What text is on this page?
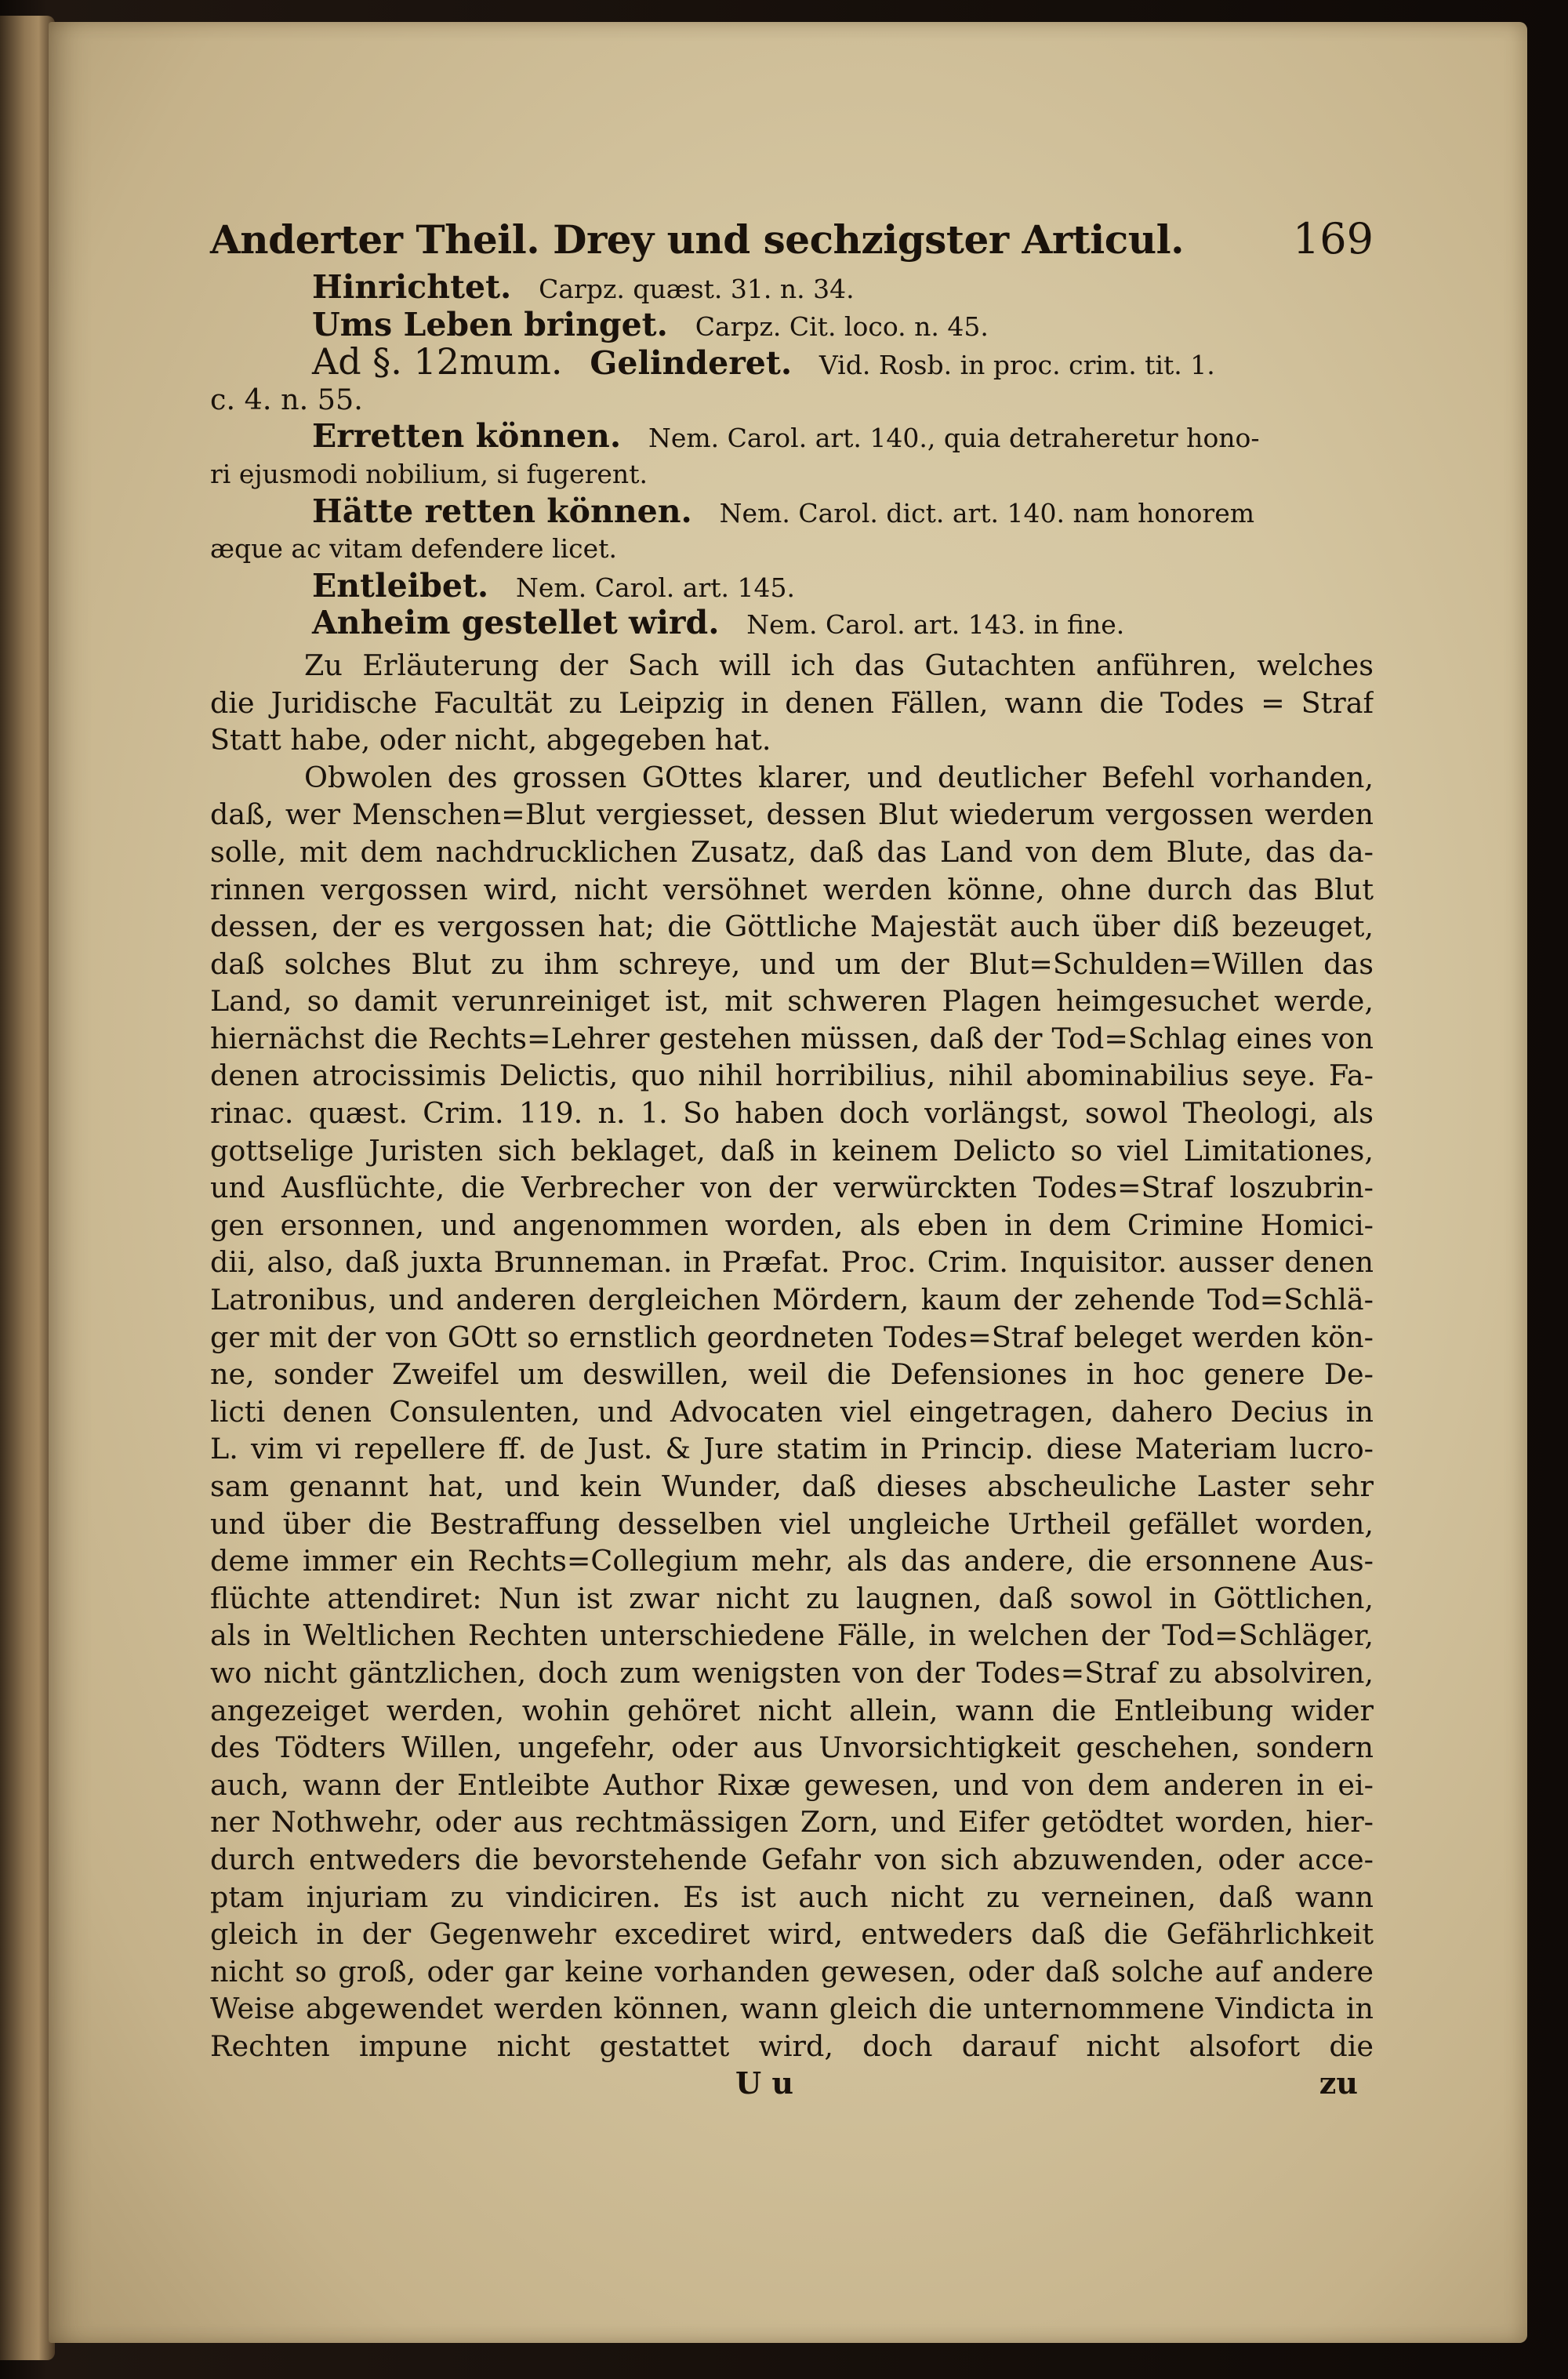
Anderter Theil. Drey und sechzigster Articul.	169
Hinrichtet. Carpz. quæst. 31. n. 34.
Ums Leben bringet. Carpz. Cit. loco. n. 45.
Ad §. 12mum. Gelinderet. Vid. Rosb. in proc. crim. tit. 1.
c. 4. n. 55.
Erretten können. Nem. Carol. art. 140., quia detraheretur hono-
ri ejusmodi nobilium, si fugerent.
Hätte retten können. Nem. Carol. dict. art. 140. nam honorem
æque ac vitam defendere licet.
Entleibet. Nem. Carol. art. 145.
Anheim gestellet wird. Nem. Carol. art. 143. in fine.
Zu Erläuterung der Sach will ich das Gutachten anführen, welches
die Juridische Facultät zu Leipzig in denen Fällen, wann die Todes = Straf
Statt habe, oder nicht, abgegeben hat.
Obwolen des grossen GOttes klarer, und deutlicher Befehl vorhanden,
daß, wer Menschen=Blut vergiesset, dessen Blut wiederum vergossen werden
solle, mit dem nachdrucklichen Zusatz, daß das Land von dem Blute, das da-
rinnen vergossen wird, nicht versöhnet werden könne, ohne durch das Blut
dessen, der es vergossen hat; die Göttliche Majestät auch über diß bezeuget,
daß solches Blut zu ihm schreye, und um der Blut=Schulden=Willen das
Land, so damit verunreiniget ist, mit schweren Plagen heimgesuchet werde,
hiernächst die Rechts=Lehrer gestehen müssen, daß der Tod=Schlag eines von
denen atrocissimis Delictis, quo nihil horribilius, nihil abominabilius seye. Fa-
rinac. quæst. Crim. 119. n. 1. So haben doch vorlängst, sowol Theologi, als
gottselige Juristen sich beklaget, daß in keinem Delicto so viel Limitationes,
und Ausflüchte, die Verbrecher von der verwürckten Todes=Straf loszubrin-
gen ersonnen, und angenommen worden, als eben in dem Crimine Homici-
dii, also, daß juxta Brunneman. in Præfat. Proc. Crim. Inquisitor. ausser denen
Latronibus, und anderen dergleichen Mördern, kaum der zehende Tod=Schlä-
ger mit der von GOtt so ernstlich geordneten Todes=Straf beleget werden kön-
ne, sonder Zweifel um deswillen, weil die Defensiones in hoc genere De-
licti denen Consulenten, und Advocaten viel eingetragen, dahero Decius in
L. vim vi repellere ff. de Just. & Jure statim in Princip. diese Materiam lucro-
sam genannt hat, und kein Wunder, daß dieses abscheuliche Laster sehr
und über die Bestraffung desselben viel ungleiche Urtheil gefället worden,
deme immer ein Rechts=Collegium mehr, als das andere, die ersonnene Aus-
flüchte attendiret: Nun ist zwar nicht zu laugnen, daß sowol in Göttlichen,
als in Weltlichen Rechten unterschiedene Fälle, in welchen der Tod=Schläger,
wo nicht gäntzlichen, doch zum wenigsten von der Todes=Straf zu absolviren,
angezeiget werden, wohin gehöret nicht allein, wann die Entleibung wider
des Tödters Willen, ungefehr, oder aus Unvorsichtigkeit geschehen, sondern
auch, wann der Entleibte Author Rixæ gewesen, und von dem anderen in ei-
ner Nothwehr, oder aus rechtmässigen Zorn, und Eifer getödtet worden, hier-
durch entweders die bevorstehende Gefahr von sich abzuwenden, oder acce-
ptam injuriam zu vindiciren. Es ist auch nicht zu verneinen, daß wann
gleich in der Gegenwehr excediret wird, entweders daß die Gefährlichkeit
nicht so groß, oder gar keine vorhanden gewesen, oder daß solche auf andere
Weise abgewendet werden können, wann gleich die unternommene Vindicta in
Rechten impune nicht gestattet wird, doch darauf nicht alsofort die
U u	zu
